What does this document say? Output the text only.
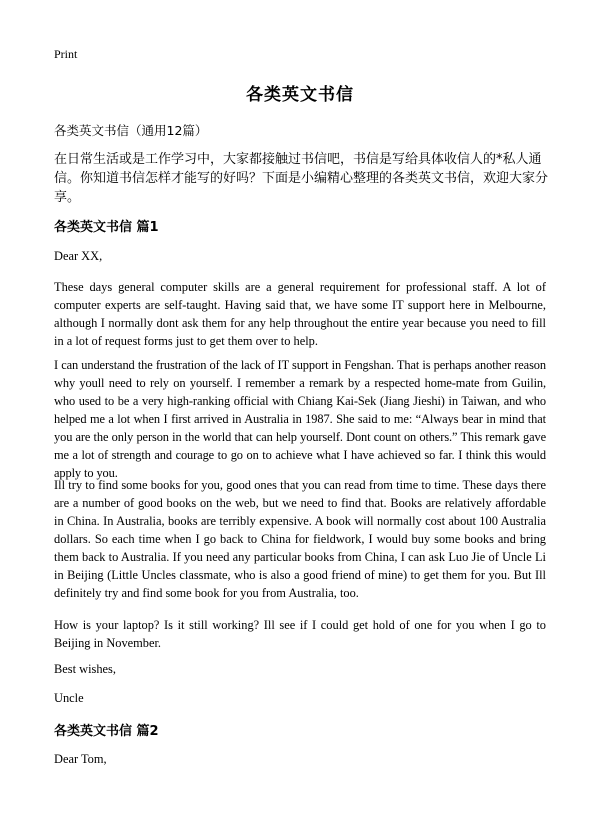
Print
各类英文书信
各类英文书信（通用12篇）

在日常生活或是工作学习中，大家都接触过书信吧，书信是写给具体收信人的*私人通信。你知道书信怎样才能写的好吗？下面是小编精心整理的各类英文书信，欢迎大家分享。

各类英文书信 篇1
Dear XX,

These days general computer skills are a general requirement for professional staff. A lot of computer experts are self-taught. Having said that, we have some IT support here in Melbourne, although I normally dont ask them for any help throughout the entire year because you need to fill in a lot of request forms just to get them over to help.

I can understand the frustration of the lack of IT support in Fengshan. That is perhaps another reason why youll need to rely on yourself. I remember a remark by a respected home-mate from Guilin, who used to be a very high-ranking official with Chiang Kai-Sek (Jiang Jieshi) in Taiwan, and who helped me a lot when I first arrived in Australia in 1987. She said to me: “Always bear in mind that you are the only person in the world that can help yourself. Dont count on others.” This remark gave me a lot of strength and courage to go on to achieve what I have achieved so far. I think this would apply to you.

Ill try to find some books for you, good ones that you can read from time to time. These days there are a number of good books on the web, but we need to find that. Books are relatively affordable in China. In Australia, books are terribly expensive. A book will normally cost about 100 Australia dollars. So each time when I go back to China for fieldwork, I would buy some books and bring them back to Australia. If you need any particular books from China, I can ask Luo Jie of Uncle Li in Beijing (Little Uncles classmate, who is also a good friend of mine) to get them for you. But Ill definitely try and find some book for you from Australia, too.

How is your laptop? Is it still working? Ill see if I could get hold of one for you when I go to Beijing in November.

Best wishes,
Uncle
各类英文书信 篇2
Dear Tom,
